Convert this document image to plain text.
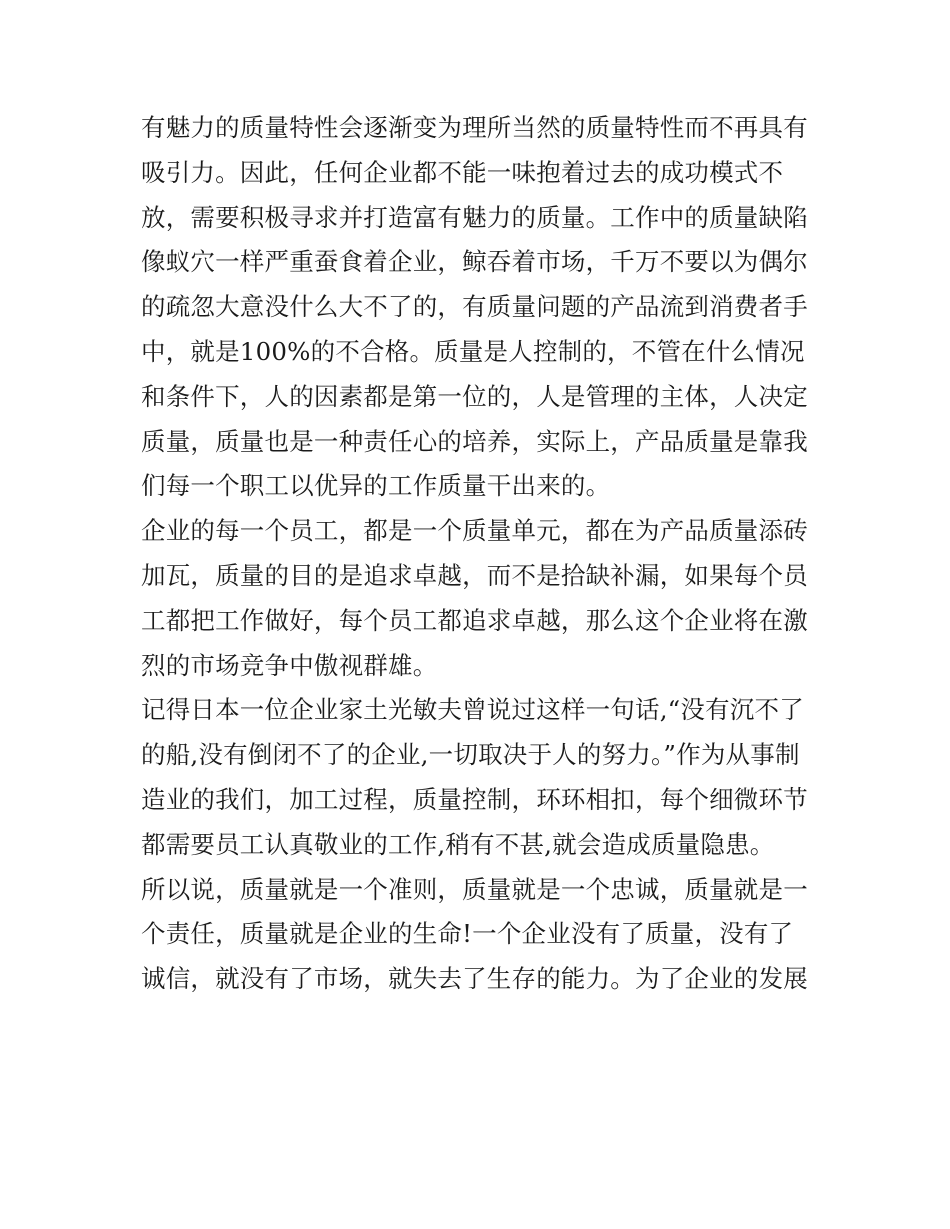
有魅力的质量特性会逐渐变为理所当然的质量特性而不再具有
吸引力。因此，任何企业都不能一味抱着过去的成功模式不
放，需要积极寻求并打造富有魅力的质量。工作中的质量缺陷
像蚁穴一样严重蚕食着企业，鲸吞着市场，千万不要以为偶尔
的疏忽大意没什么大不了的，有质量问题的产品流到消费者手
中，就是100%的不合格。质量是人控制的，不管在什么情况
和条件下，人的因素都是第一位的，人是管理的主体，人决定
质量，质量也是一种责任心的培养，实际上，产品质量是靠我
们每一个职工以优异的工作质量干出来的。
企业的每一个员工，都是一个质量单元，都在为产品质量添砖
加瓦，质量的目的是追求卓越，而不是拾缺补漏，如果每个员
工都把工作做好，每个员工都追求卓越，那么这个企业将在激
烈的市场竞争中傲视群雄。
记得日本一位企业家土光敏夫曾说过这样一句话,“没有沉不了
的船,没有倒闭不了的企业,一切取决于人的努力。”作为从事制
造业的我们，加工过程，质量控制，环环相扣，每个细微环节
都需要员工认真敬业的工作,稍有不甚,就会造成质量隐患。
所以说，质量就是一个准则，质量就是一个忠诚，质量就是一
个责任，质量就是企业的生命!一个企业没有了质量，没有了
诚信，就没有了市场，就失去了生存的能力。为了企业的发展
